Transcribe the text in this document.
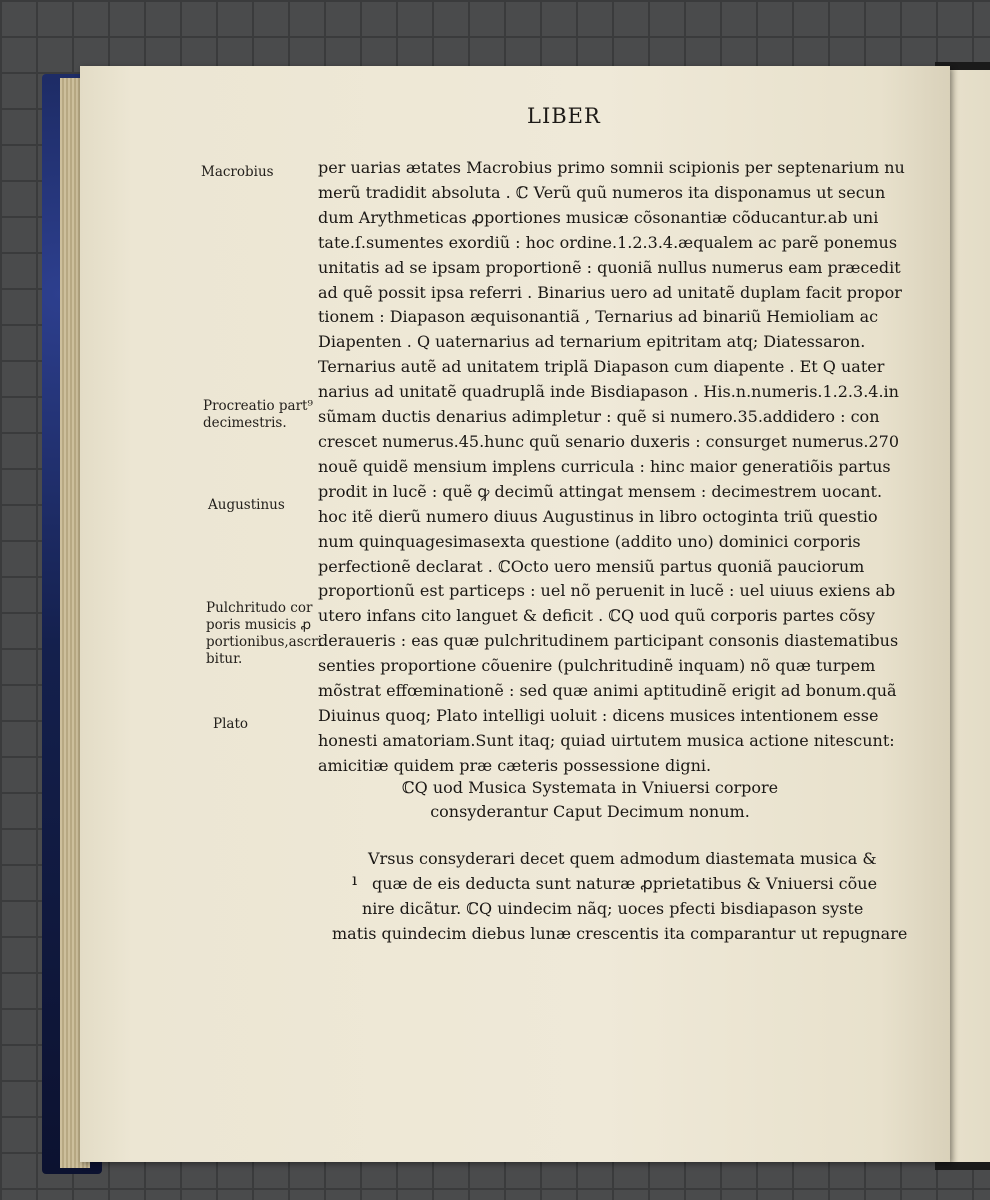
LIBER
Macrobius
Procreatio part⁹
decimestris.
Augustinus
Pulchritudo cor
poris musicis ꝓ
portionibus,ascri
bitur.
Plato
per uarias ætates Macrobius primo somnii scipionis per septenarium nu
merũ tradidit absoluta . ℂ Verũ quũ numeros ita disponamus ut secun
dum Arythmeticas ꝓportiones musicæ cõsonantiæ cõducantur.ab uni
tate.ſ.sumentes exordiũ : hoc ordine.1.2.3.4.æqualem ac parẽ ponemus
unitatis ad se ipsam proportionẽ : quoniã nullus numerus eam præcedit
ad quẽ possit ipsa referri . Binarius uero ad unitatẽ duplam facit propor
tionem : Diapason æquisonantiã , Ternarius ad binariũ Hemioliam ac
Diapenten . Q uaternarius ad ternarium epitritam atq; Diatessaron.
Ternarius autẽ ad unitatem triplã Diapason cum diapente . Et Q uater
narius ad unitatẽ quadruplã inde Bisdiapason . His.n.numeris.1.2.3.4.in
sũmam ductis denarius adimpletur : quẽ si numero.35.addidero : con
crescet numerus.45.hunc quũ senario duxeris : consurget numerus.270
nouẽ quidẽ mensium implens curricula : hinc maior generatiõis partus
prodit in lucẽ : quẽ ꝙ decimũ attingat mensem : decimestrem uocant.
hoc itẽ dierũ numero diuus Augustinus in libro octoginta triũ questio
num quinquagesimasexta questione (addito uno) dominici corporis
perfectionẽ declarat . ℂOcto uero mensiũ partus quoniã pauciorum
proportionũ est particeps : uel nõ peruenit in lucẽ : uel uiuus exiens ab
utero infans cito languet & deficit . ℂQ uod quũ corporis partes cõsy
deraueris : eas quæ pulchritudinem participant consonis diastematibus
senties proportione cõuenire (pulchritudinẽ inquam) nõ quæ turpem
mõstrat effœminationẽ : sed quæ animi aptitudinẽ erigit ad bonum.quã
Diuinus quoq; Plato intelligi uoluit : dicens musices intentionem esse
honesti amatoriam.Sunt itaq; quiad uirtutem musica actione nitescunt:
amicitiæ quidem præ cæteris possessione digni.
ℂQ uod Musica Systemata in Vniuersi corpore
consyderantur Caput Decimum nonum.
ı
Vrsus consyderari decet quem admodum diastemata musica &
quæ de eis deducta sunt naturæ ꝓprietatibus & Vniuersi cõue
nire dicãtur. ℂQ uindecim nãq; uoces pfecti bisdiapason syste
matis quindecim diebus lunæ crescentis ita comparantur ut repugnare
